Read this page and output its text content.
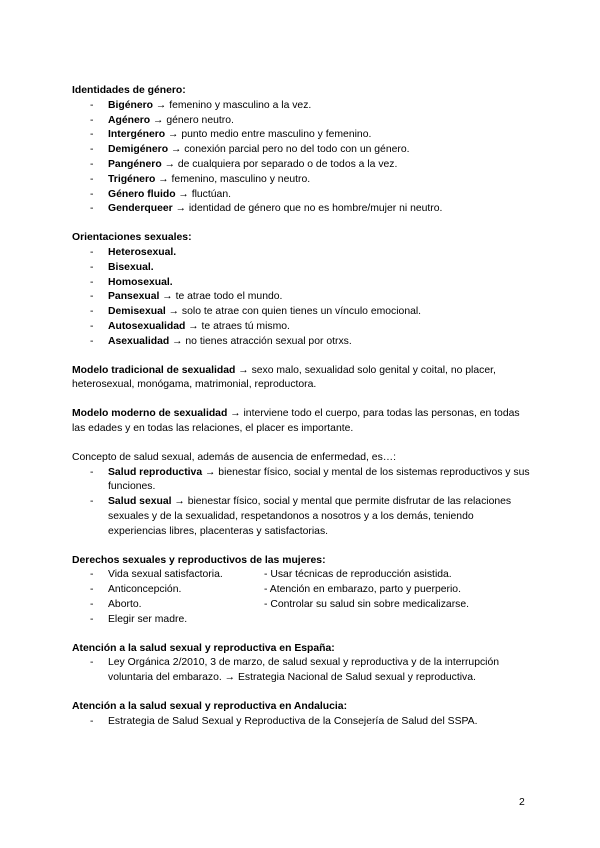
Identidades de género:

- Bigénero → femenino y masculino a la vez.
- Agénero → género neutro.
- Intergénero → punto medio entre masculino y femenino.
- Demigénero → conexión parcial pero no del todo con un género.
- Pangénero → de cualquiera por separado o de todos a la vez.
- Trigénero → femenino, masculino y neutro.
- Género fluido → fluctúan.
- Genderqueer → identidad de género que no es hombre/mujer ni neutro.

Orientaciones sexuales:

- Heterosexual.
- Bisexual.
- Homosexual.
- Pansexual → te atrae todo el mundo.
- Demisexual → solo te atrae con quien tienes un vínculo emocional.
- Autosexualidad → te atraes tú mismo.
- Asexualidad → no tienes atracción sexual por otrxs.

Modelo tradicional de sexualidad → sexo malo, sexualidad solo genital y coital, no placer, heterosexual, monógama, matrimonial, reproductora.

Modelo moderno de sexualidad → interviene todo el cuerpo, para todas las personas, en todas las edades y en todas las relaciones, el placer es importante.

Concepto de salud sexual, además de ausencia de enfermedad, es…:

- Salud reproductiva → bienestar físico, social y mental de los sistemas reproductivos y sus funciones.
- Salud sexual → bienestar físico, social y mental que permite disfrutar de las relaciones sexuales y de la sexualidad, respetandonos a nosotros y a los demás, teniendo experiencias libres, placenteras y satisfactorias.

Derechos sexuales y reproductivos de las mujeres:

- Vida sexual satisfactoria.	- Usar técnicas de reproducción asistida.
- Anticoncepción.	- Atención en embarazo, parto y puerperio.
- Aborto.	- Controlar su salud sin sobre medicalizarse.
- Elegir ser madre.

Atención a la salud sexual y reproductiva en España:

- Ley Orgánica 2/2010, 3 de marzo, de salud sexual y reproductiva y de la interrupción voluntaria del embarazo. → Estrategia Nacional de Salud sexual y reproductiva.

Atención a la salud sexual y reproductiva en Andalucia:

- Estrategia de Salud Sexual y Reproductiva de la Consejería de Salud del SSPA.
2
